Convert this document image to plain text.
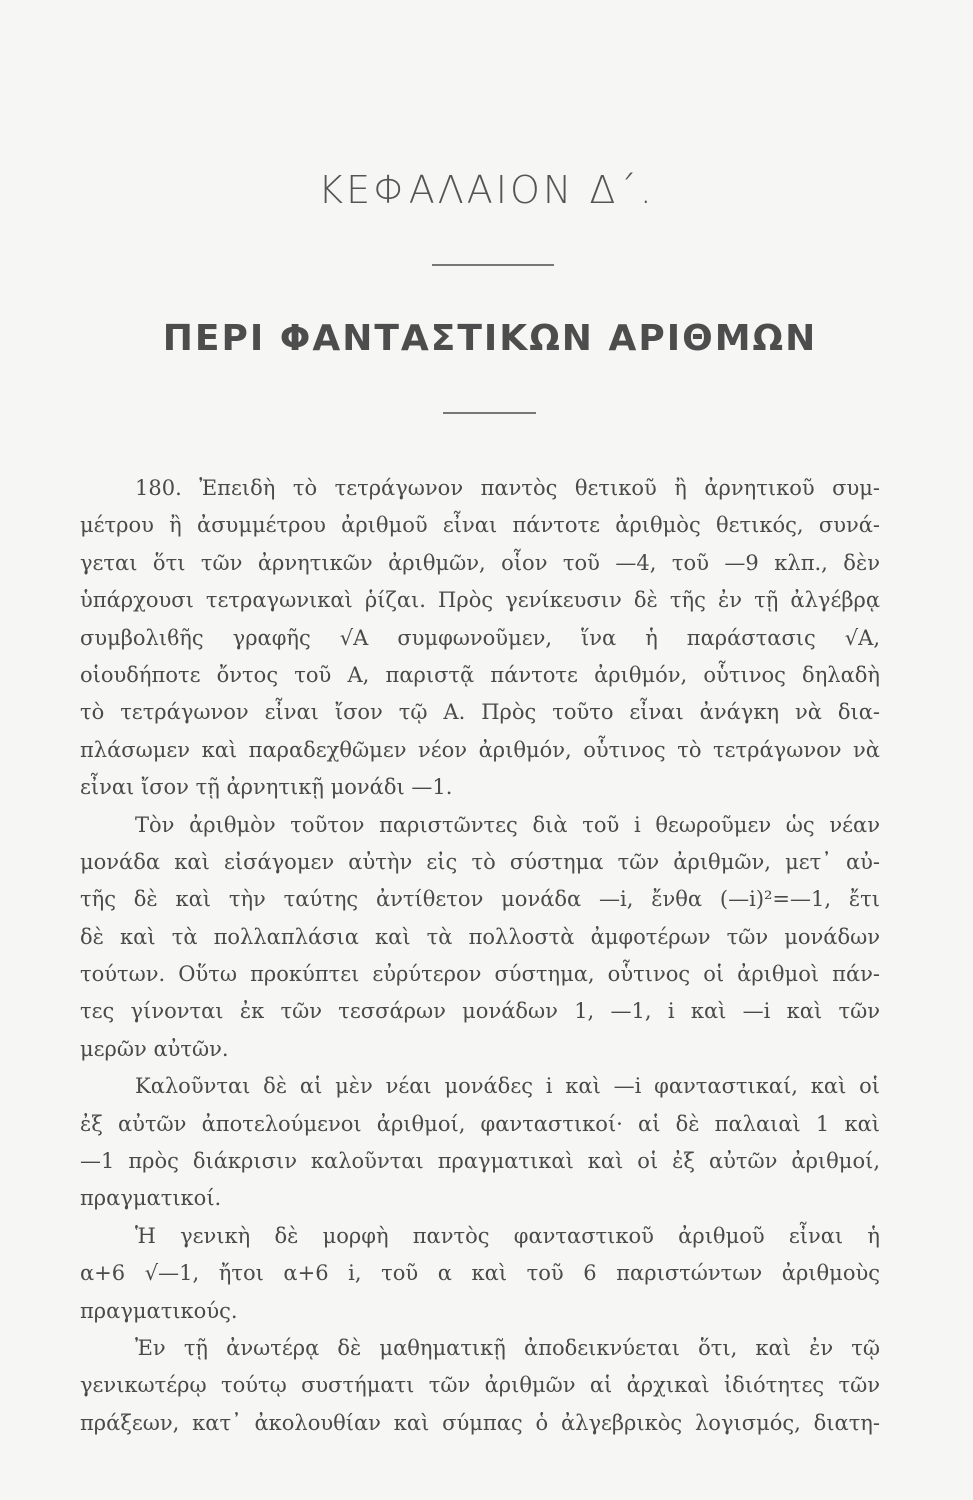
ΚΕΦΑΛΑΙΟΝ Δ΄.
ΠΕΡΙ ΦΑΝΤΑΣΤΙΚΩΝ ΑΡΙΘΜΩΝ
180. Ἐπειδὴ τὸ τετράγωνον παντὸς θετικοῦ ἢ ἀρνητικοῦ συμ-
μέτρου ἢ ἀσυμμέτρου ἀριθμοῦ εἶναι πάντοτε ἀριθμὸς θετικός, συνά-
γεται ὅτι τῶν ἀρνητικῶν ἀριθμῶν, οἷον τοῦ —4, τοῦ —9 κλπ., δὲν
ὑπάρχουσι τετραγωνικαὶ ῥίζαι. Πρὸς γενίκευσιν δὲ τῆς ἐν τῇ ἀλγέβρᾳ
συμβολιϐῆς γραφῆς √A συμφωνοῦμεν, ἵνα ἡ παράστασις √A,
οἱουδήποτε ὄντος τοῦ Α, παριστᾷ πάντοτε ἀριθμόν, οὗτινος δηλαδὴ
τὸ τετράγωνον εἶναι ἴσον τῷ Α. Πρὸς τοῦτο εἶναι ἀνάγκη νὰ δια-
πλάσωμεν καὶ παραδεχθῶμεν νέον ἀριθμόν, οὗτινος τὸ τετράγωνον νὰ
εἶναι ἴσον τῇ ἀρνητικῇ μονάδι —1.
Τὸν ἀριθμὸν τοῦτον παριστῶντες διὰ τοῦ i θεωροῦμεν ὡς νέαν
μονάδα καὶ εἰσάγομεν αὐτὴν εἰς τὸ σύστημα τῶν ἀριθμῶν, μετ᾽ αὐ-
τῆς δὲ καὶ τὴν ταύτης ἀντίθετον μονάδα —i, ἔνθα (—i)²=—1, ἔτι
δὲ καὶ τὰ πολλαπλάσια καὶ τὰ πολλοστὰ ἀμφοτέρων τῶν μονάδων
τούτων. Οὕτω προκύπτει εὐρύτερον σύστημα, οὗτινος οἱ ἀριθμοὶ πάν-
τες γίνονται ἐκ τῶν τεσσάρων μονάδων 1, —1, i καὶ —i καὶ τῶν
μερῶν αὐτῶν.
Καλοῦνται δὲ αἱ μὲν νέαι μονάδες i καὶ —i φανταστικαί, καὶ οἱ
ἐξ αὐτῶν ἀποτελούμενοι ἀριθμοί, φανταστικοί· αἱ δὲ παλαιαὶ 1 καὶ
—1 πρὸς διάκρισιν καλοῦνται πραγματικαὶ καὶ οἱ ἐξ αὐτῶν ἀριθμοί,
πραγματικοί.
Ἡ γενικὴ δὲ μορφὴ παντὸς φανταστικοῦ ἀριθμοῦ εἶναι ἡ
α+6 √—1, ἤτοι α+6 i, τοῦ α καὶ τοῦ 6 παριστώντων ἀριθμοὺς
πραγματικούς.
Ἐν τῇ ἀνωτέρᾳ δὲ μαθηματικῇ ἀποδεικνύεται ὅτι, καὶ ἐν τῷ
γενικωτέρῳ τούτῳ συστήματι τῶν ἀριθμῶν αἱ ἀρχικαὶ ἰδιότητες τῶν
πράξεων, κατ᾽ ἀκολουθίαν καὶ σύμπας ὁ ἀλγεβρικὸς λογισμός, διατη-
